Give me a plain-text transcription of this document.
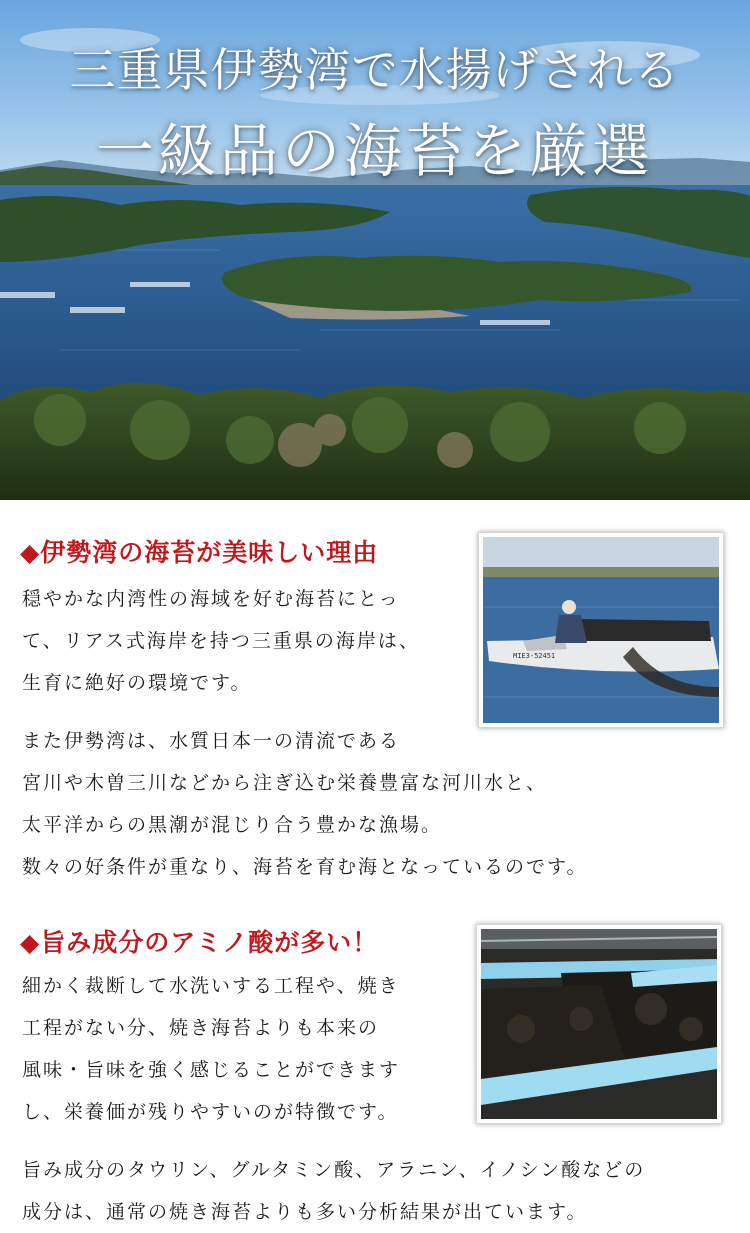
三重県伊勢湾で水揚げされる
一級品の海苔を厳選
◆伊勢湾の海苔が美味しい理由
MIE3-52451

穏やかな内湾性の海域を好む海苔にとっ
て、リアス式海岸を持つ三重県の海岸は、
生育に絶好の環境です。

また伊勢湾は、水質日本一の清流である
宮川や木曽三川などから注ぎ込む栄養豊富な河川水と、
太平洋からの黒潮が混じり合う豊かな漁場。
数々の好条件が重なり、海苔を育む海となっているのです。

◆旨み成分のアミノ酸が多い！

細かく裁断して水洗いする工程や、焼き
工程がない分、焼き海苔よりも本来の
風味・旨味を強く感じることができます
し、栄養価が残りやすいのが特徴です。

旨み成分のタウリン、グルタミン酸、アラニン、イノシン酸などの
成分は、通常の焼き海苔よりも多い分析結果が出ています。
